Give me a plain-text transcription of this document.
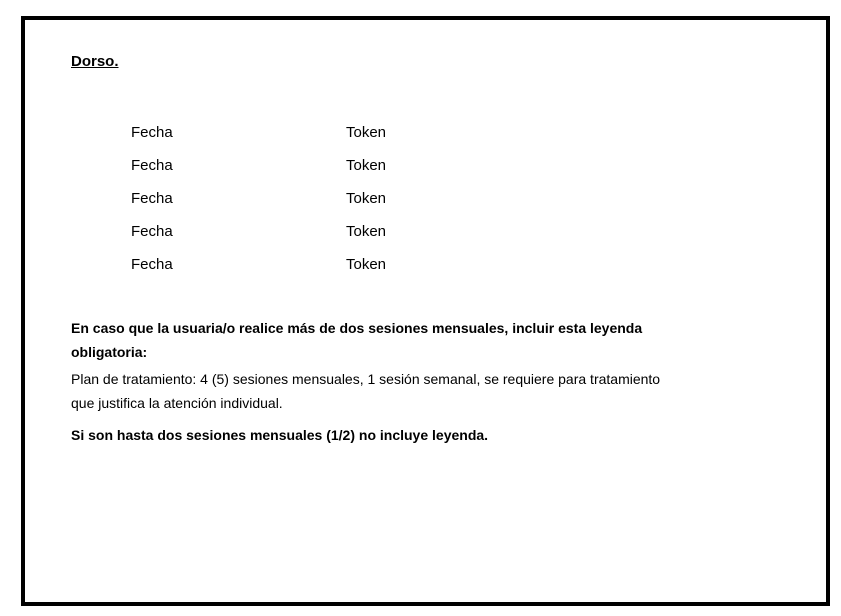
Dorso.
Fecha	Token
Fecha	Token
Fecha	Token
Fecha	Token
Fecha	Token

En caso que la usuaria/o realice más de dos sesiones mensuales, incluir esta leyenda
obligatoria:

Plan de tratamiento: 4 (5) sesiones mensuales, 1 sesión semanal, se requiere para tratamiento
que justifica la atención individual.

Si son hasta dos sesiones mensuales (1/2) no incluye leyenda.
